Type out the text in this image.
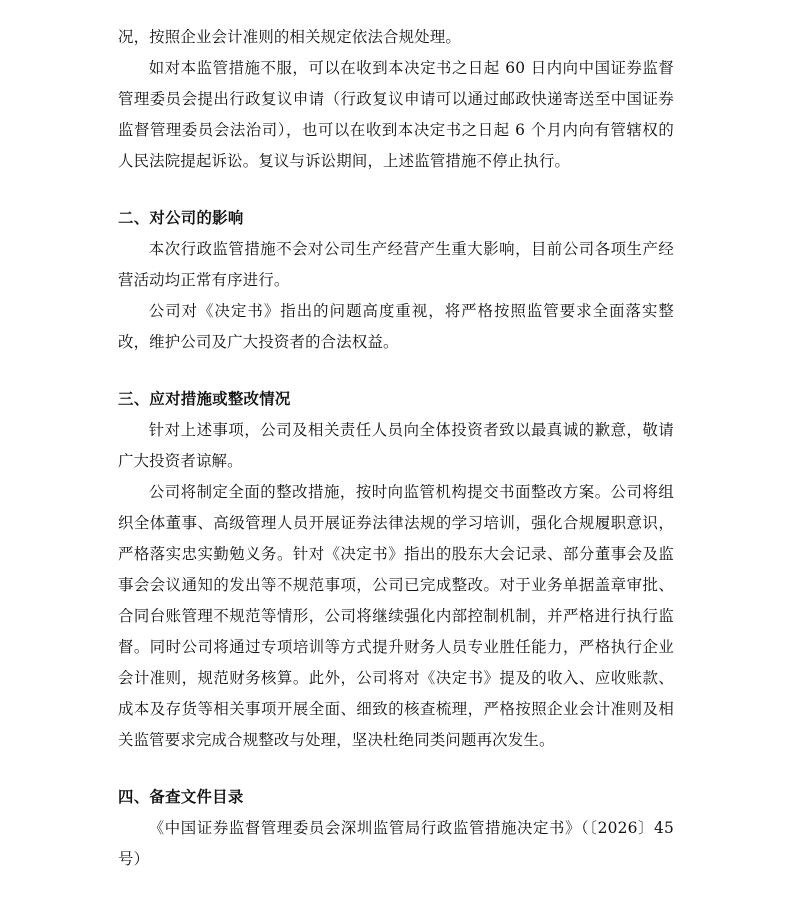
况，按照企业会计准则的相关规定依法合规处理。

如对本监管措施不服，可以在收到本决定书之日起 60 日内向中国证券监督管理委员会提出行政复议申请（行政复议申请可以通过邮政快递寄送至中国证券监督管理委员会法治司），也可以在收到本决定书之日起 6 个月内向有管辖权的人民法院提起诉讼。复议与诉讼期间，上述监管措施不停止执行。

二、对公司的影响

本次行政监管措施不会对公司生产经营产生重大影响，目前公司各项生产经营活动均正常有序进行。

公司对《决定书》指出的问题高度重视，将严格按照监管要求全面落实整改，维护公司及广大投资者的合法权益。

三、应对措施或整改情况

针对上述事项，公司及相关责任人员向全体投资者致以最真诚的歉意，敬请广大投资者谅解。

公司将制定全面的整改措施，按时向监管机构提交书面整改方案。公司将组织全体董事、高级管理人员开展证券法律法规的学习培训，强化合规履职意识，严格落实忠实勤勉义务。针对《决定书》指出的股东大会记录、部分董事会及监事会会议通知的发出等不规范事项，公司已完成整改。对于业务单据盖章审批、合同台账管理不规范等情形，公司将继续强化内部控制机制，并严格进行执行监督。同时公司将通过专项培训等方式提升财务人员专业胜任能力，严格执行企业会计准则，规范财务核算。此外，公司将对《决定书》提及的收入、应收账款、成本及存货等相关事项开展全面、细致的核查梳理，严格按照企业会计准则及相关监管要求完成合规整改与处理，坚决杜绝同类问题再次发生。

四、备查文件目录

《中国证券监督管理委员会深圳监管局行政监管措施决定书》（〔2026〕45号）
